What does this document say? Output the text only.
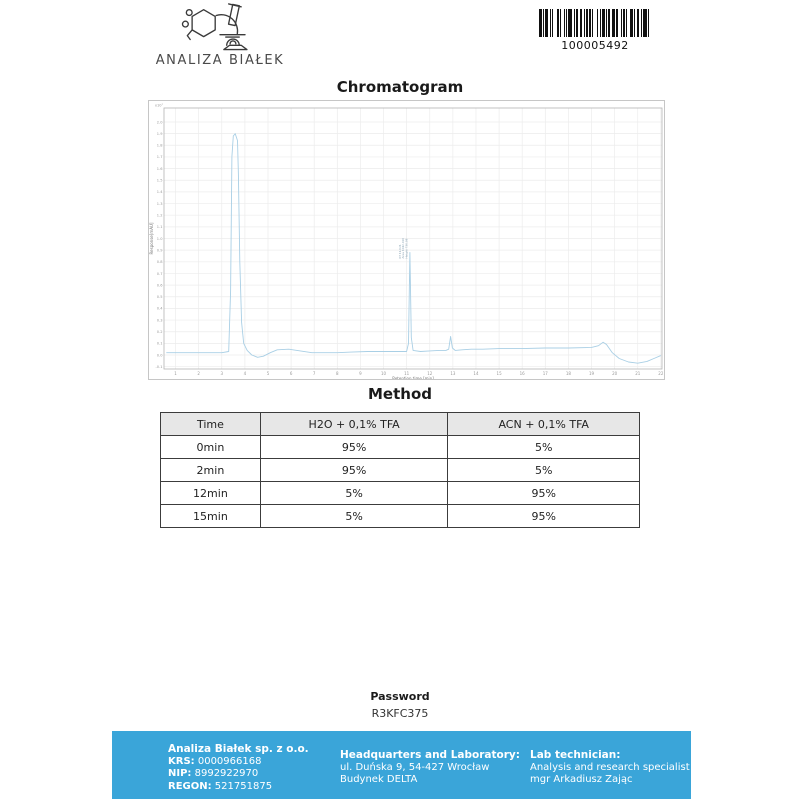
ANALIZA BIAŁEK
100005492
Chromatogram
1	2	3	4	5	6	7	8	9	10	11	12	13	14	15	16	17	18	19	20	21	22
2.0
1.9
1.8
1.7
1.6
1.5
1.4
1.3
1.2
1.1
1.0
0.9
0.8
0.7
0.6
0.5
0.4
0.3
0.2
0.1
0.0
-0.1
x10⁷
Retention time [min]
Response[mAU]	RT 11.021 Area 1042.020 Height 730.08
Method
Time	H2O + 0,1% TFA	ACN + 0,1% TFA
0min	95%	5%
2min	95%	5%
12min	5%	95%
15min	5%	95%
Password
R3KFC375
Analiza Białek sp. z o.o.
KRS: 0000966168
NIP: 8992922970
REGON: 521751875
Headquarters and Laboratory:
ul. Duńska 9, 54-427 Wrocław
Budynek DELTA
Lab technician:
Analysis and research specialist
mgr Arkadiusz Zając
